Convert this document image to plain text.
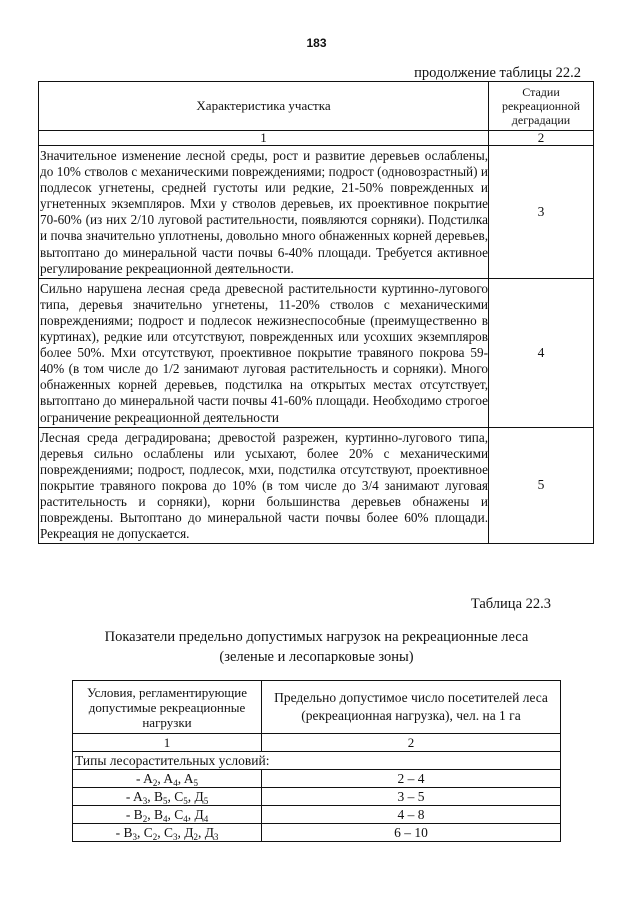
183
продолжение таблицы 22.2
Характеристика участка	Стадии рекреационной деградации
1	2
Значительное изменение лесной среды, рост и развитие деревьев ослаблены, до 10% стволов с механическими повреждениями; подрост (одновозрастный) и подлесок угнетены, средней густоты или редкие, 21-50% поврежденных и угнетенных экземпляров. Мхи у стволов деревьев, их проективное покрытие 70-60% (из них 2/10 луговой растительности, появляются сорняки). Подстилка и почва значительно уплотнены, довольно много обнаженных корней деревьев, вытоптано до минеральной части почвы 6-40% площади. Требуется активное регулирование рекреационной деятельности.	3
Сильно нарушена лесная среда древесной растительности куртинно-лугового типа, деревья значительно угнетены, 11-20% стволов с механическими повреждениями; подрост и подлесок нежизнеспособные (преимущественно в куртинах), редкие или отсутствуют, поврежденных или усохших экземпляров более 50%. Мхи отсутствуют, проективное покрытие травяного покрова 59-40% (в том числе до 1/2 занимают луговая растительность и сорняки). Много обнаженных корней деревьев, подстилка на открытых местах отсутствует, вытоптано до минеральной части почвы 41-60% площади. Необходимо строгое ограничение рекреационной деятельности	4
Лесная среда деградирована; древостой разрежен, куртинно-лугового типа, деревья сильно ослаблены или усыхают, более 20% с механическими повреждениями; подрост, подлесок, мхи, подстилка отсутствуют, проективное покрытие травяного покрова до 10% (в том числе до 3/4 занимают луговая растительность и сорняки), корни большинства деревьев обнажены и повреждены. Вытоптано до минеральной части почвы более 60% площади. Рекреация не допускается.	5
Таблица 22.3
Показатели предельно допустимых нагрузок на рекреационные леса
(зеленые и лесопарковые зоны)
Условия, регламентирующие допустимые рекреационные нагрузки	Предельно допустимое число посетителей леса (рекреационная нагрузка), чел. на 1 га
1	2
Типы лесорастительных условий:	
- $A_2$, $A_4$, $A_5$	2 – 4
- $A_3$, $B_5$, $C_5$, $Д_5$	3 – 5
- $B_2$, $B_4$, $C_4$, $Д_4$	4 – 8
- $B_3$, $C_2$, $C_3$, $Д_2$, $Д_3$	6 – 10
